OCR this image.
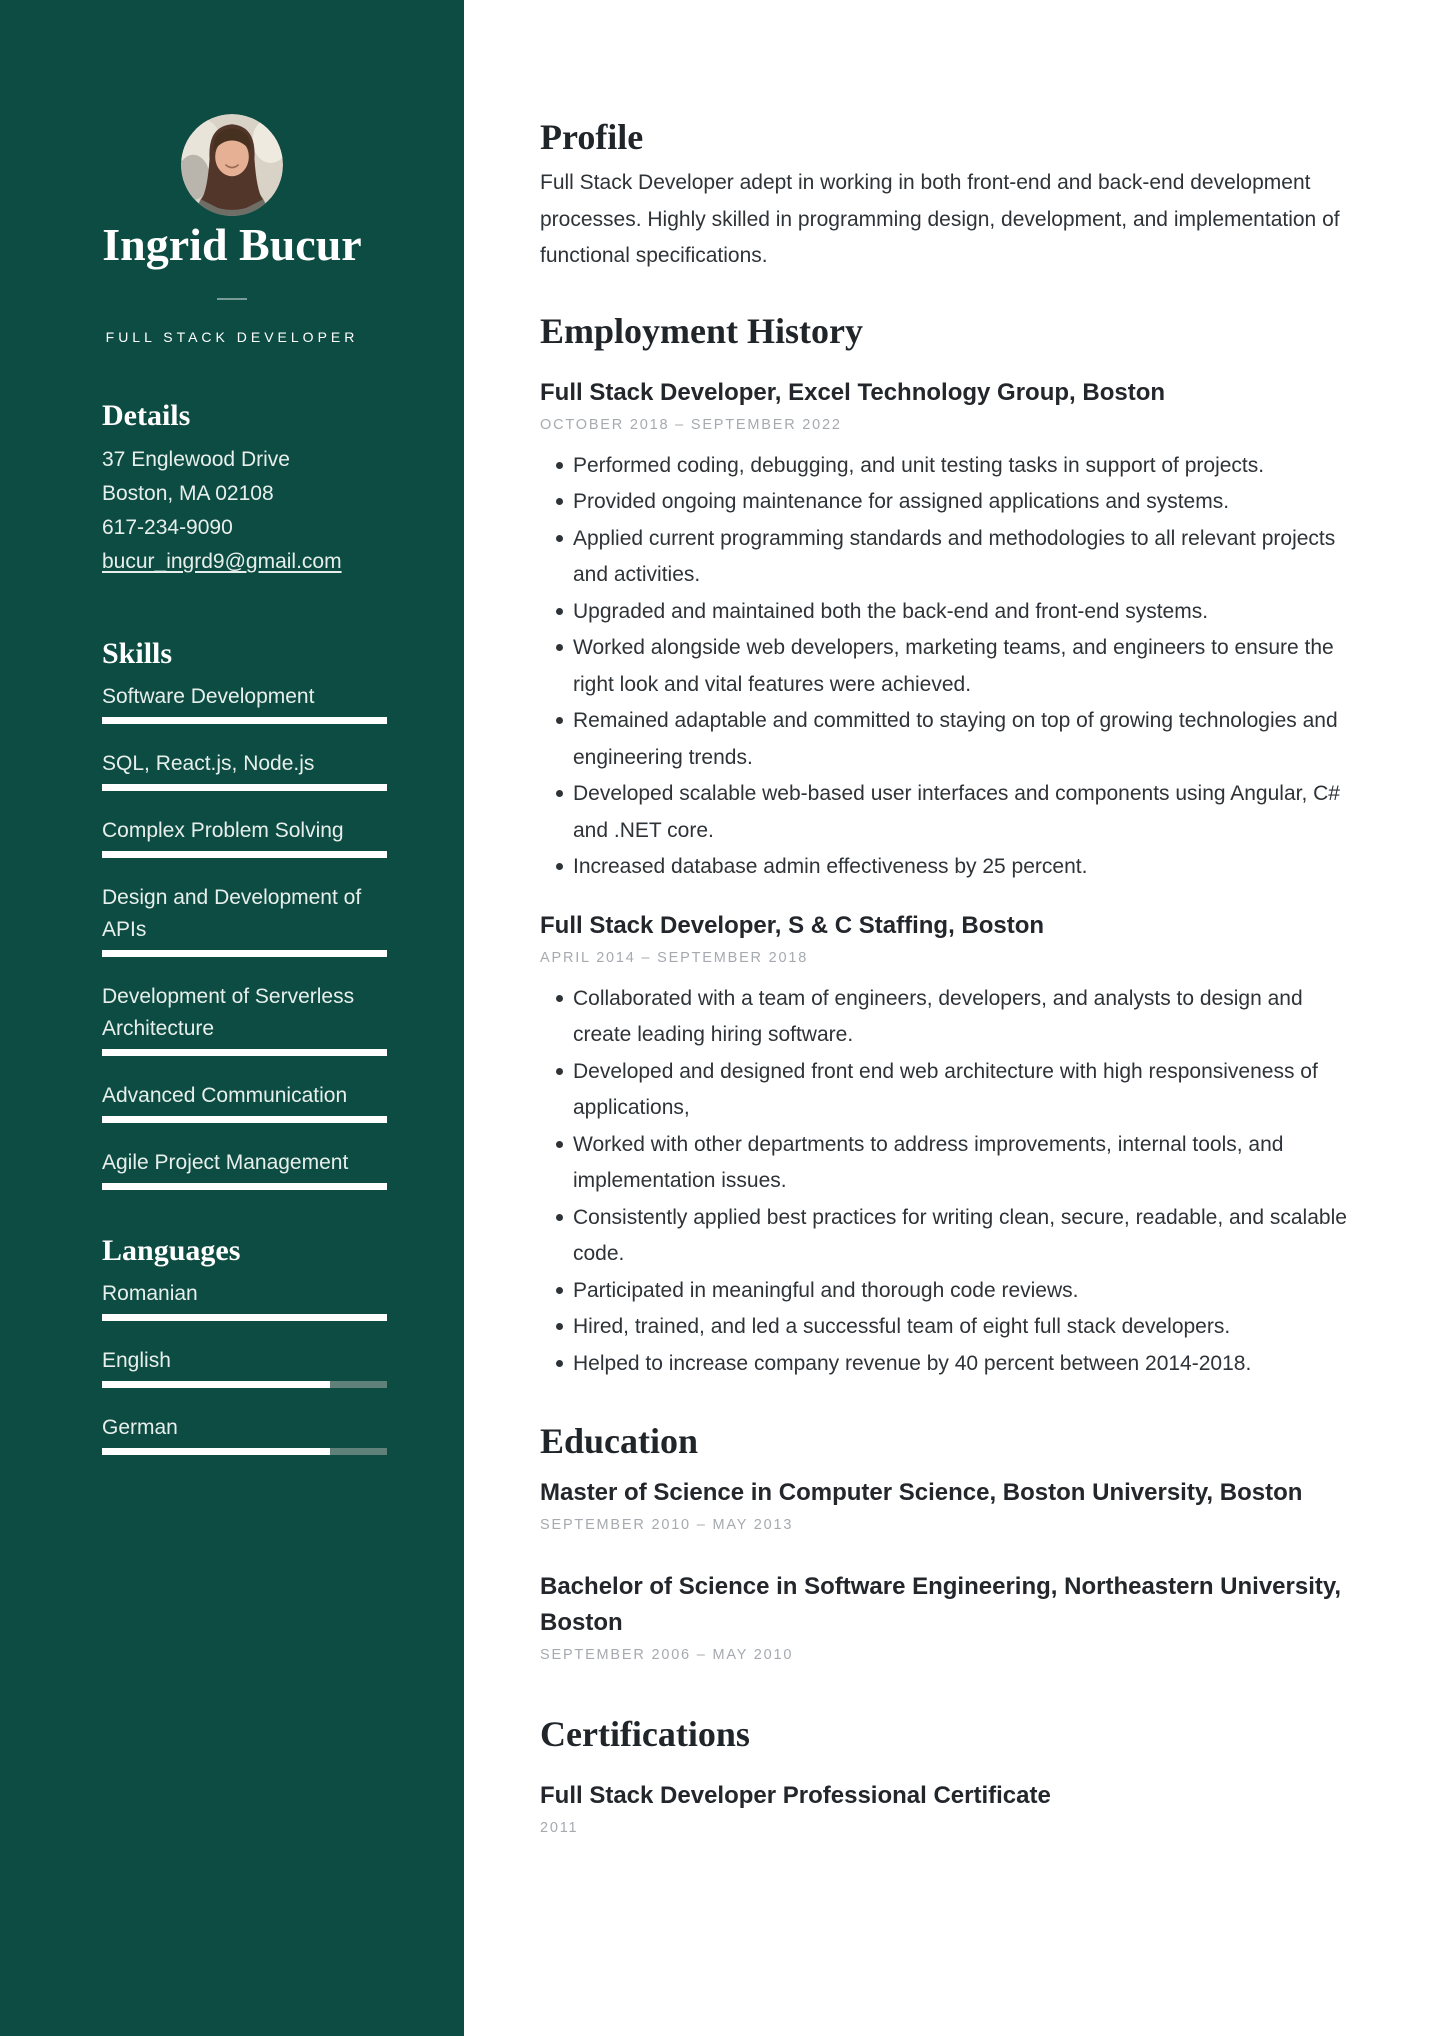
Ingrid Bucur
FULL STACK DEVELOPER
Details
37 Englewood Drive
Boston, MA 02108
617-234-9090
bucur_ingrd9@gmail.com
Skills
Software Development
SQL, React.js, Node.js
Complex Problem Solving
Design and Development of APIs
Development of Serverless Architecture
Advanced Communication
Agile Project Management
Languages
Romanian
English
German
Profile

Full Stack Developer adept in working in both front-end and back-end development processes. Highly skilled in programming design, development, and implementation of functional specifications.

Employment History
Full Stack Developer, Excel Technology Group, Boston
OCTOBER 2018 – SEPTEMBER 2022
Performed coding, debugging, and unit testing tasks in support of projects.
Provided ongoing maintenance for assigned applications and systems.
Applied current programming standards and methodologies to all relevant projects and activities.
Upgraded and maintained both the back-end and front-end systems.
Worked alongside web developers, marketing teams, and engineers to ensure the right look and vital features were achieved.
Remained adaptable and committed to staying on top of growing technologies and engineering trends.
Developed scalable web-based user interfaces and components using Angular, C# and .NET core.
Increased database admin effectiveness by 25 percent.
Full Stack Developer, S & C Staffing, Boston
APRIL 2014 – SEPTEMBER 2018
Collaborated with a team of engineers, developers, and analysts to design and create leading hiring software.
Developed and designed front end web architecture with high responsiveness of applications,
Worked with other departments to address improvements, internal tools, and implementation issues.
Consistently applied best practices for writing clean, secure, readable, and scalable code.
Participated in meaningful and thorough code reviews.
Hired, trained, and led a successful team of eight full stack developers.
Helped to increase company revenue by 40 percent between 2014-2018.
Education
Master of Science in Computer Science, Boston University, Boston
SEPTEMBER 2010 – MAY 2013
Bachelor of Science in Software Engineering, Northeastern University, Boston
SEPTEMBER 2006 – MAY 2010
Certifications
Full Stack Developer Professional Certificate
2011
